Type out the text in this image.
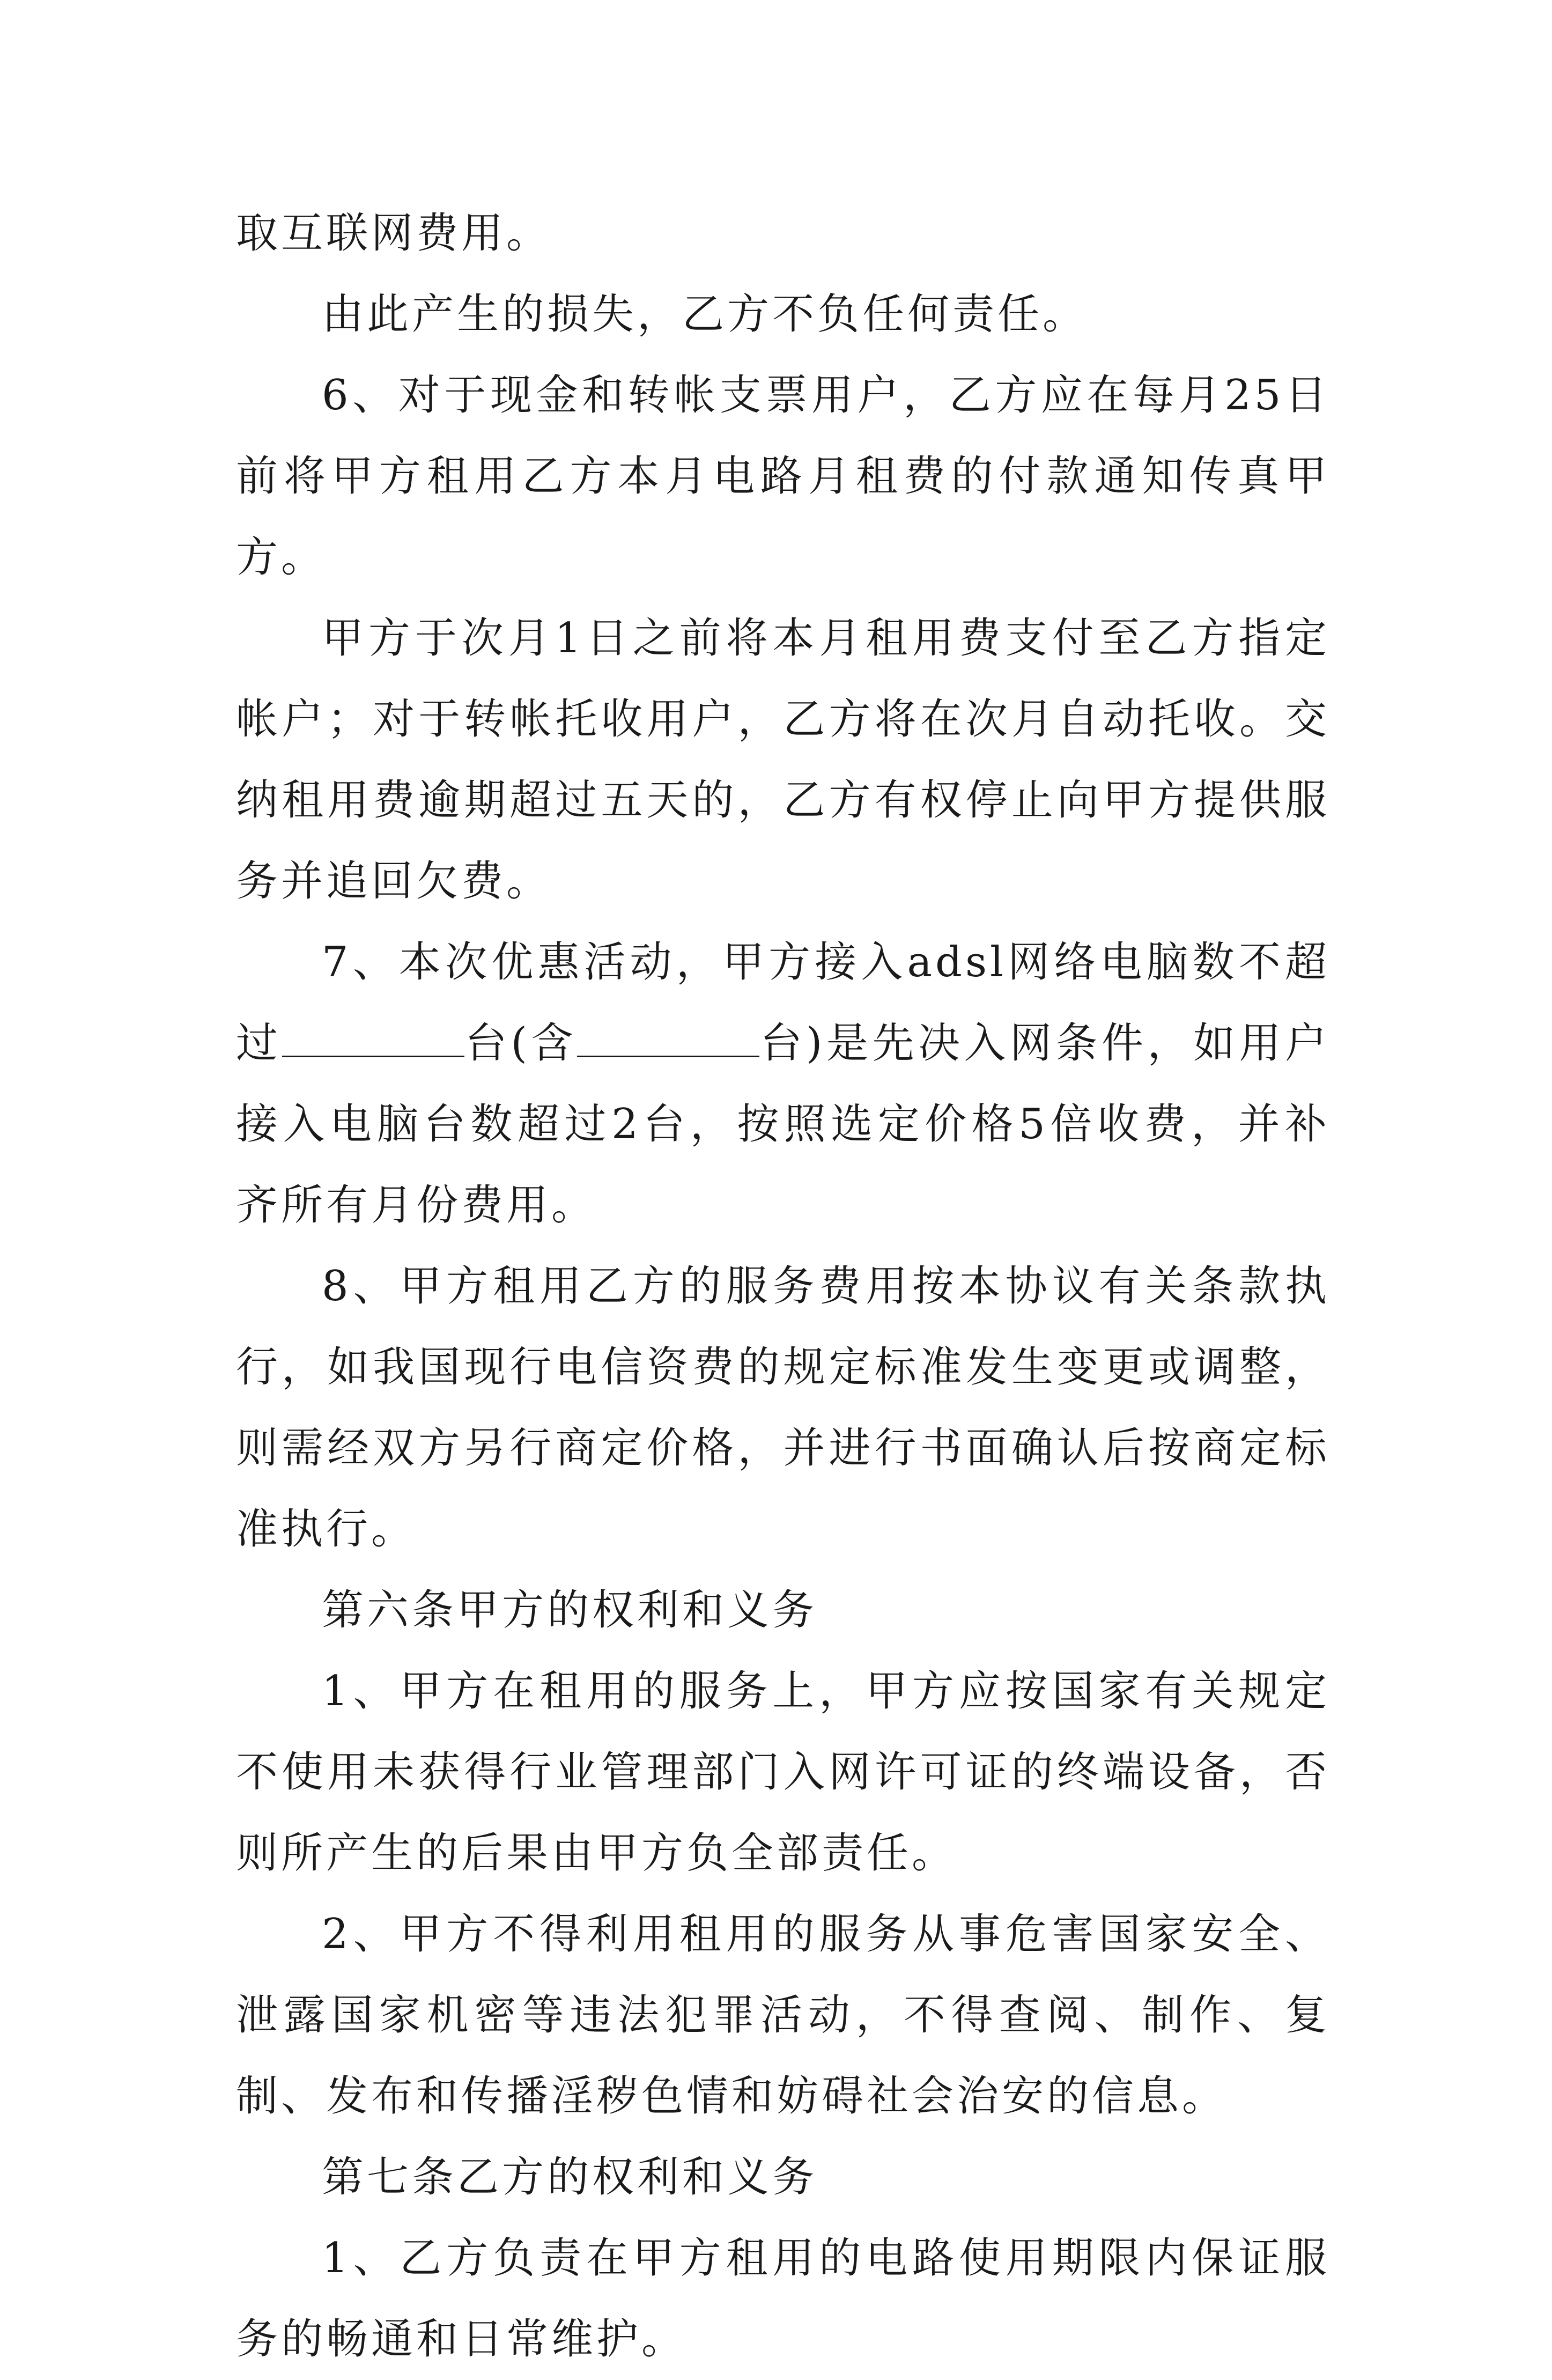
取互联网费用。

由此产生的损失，乙方不负任何责任。

6、对于现金和转帐支票用户，乙方应在每月25日前将甲方租用乙方本月电路月租费的付款通知传真甲方。

甲方于次月1日之前将本月租用费支付至乙方指定帐户；对于转帐托收用户，乙方将在次月自动托收。交纳租用费逾期超过五天的，乙方有权停止向甲方提供服务并追回欠费。

7、本次优惠活动，甲方接入adsl网络电脑数不超过	台(含	台)是先决入网条件，如用户接入电脑台数超过2台，按照选定价格5倍收费，并补齐所有月份费用。

8、甲方租用乙方的服务费用按本协议有关条款执行，如我国现行电信资费的规定标准发生变更或调整，则需经双方另行商定价格，并进行书面确认后按商定标准执行。

第六条甲方的权利和义务

1、甲方在租用的服务上，甲方应按国家有关规定不使用未获得行业管理部门入网许可证的终端设备，否则所产生的后果由甲方负全部责任。

2、甲方不得利用租用的服务从事危害国家安全、泄露国家机密等违法犯罪活动，不得查阅、制作、复制、发布和传播淫秽色情和妨碍社会治安的信息。

第七条乙方的权利和义务

1、乙方负责在甲方租用的电路使用期限内保证服务的畅通和日常维护。
